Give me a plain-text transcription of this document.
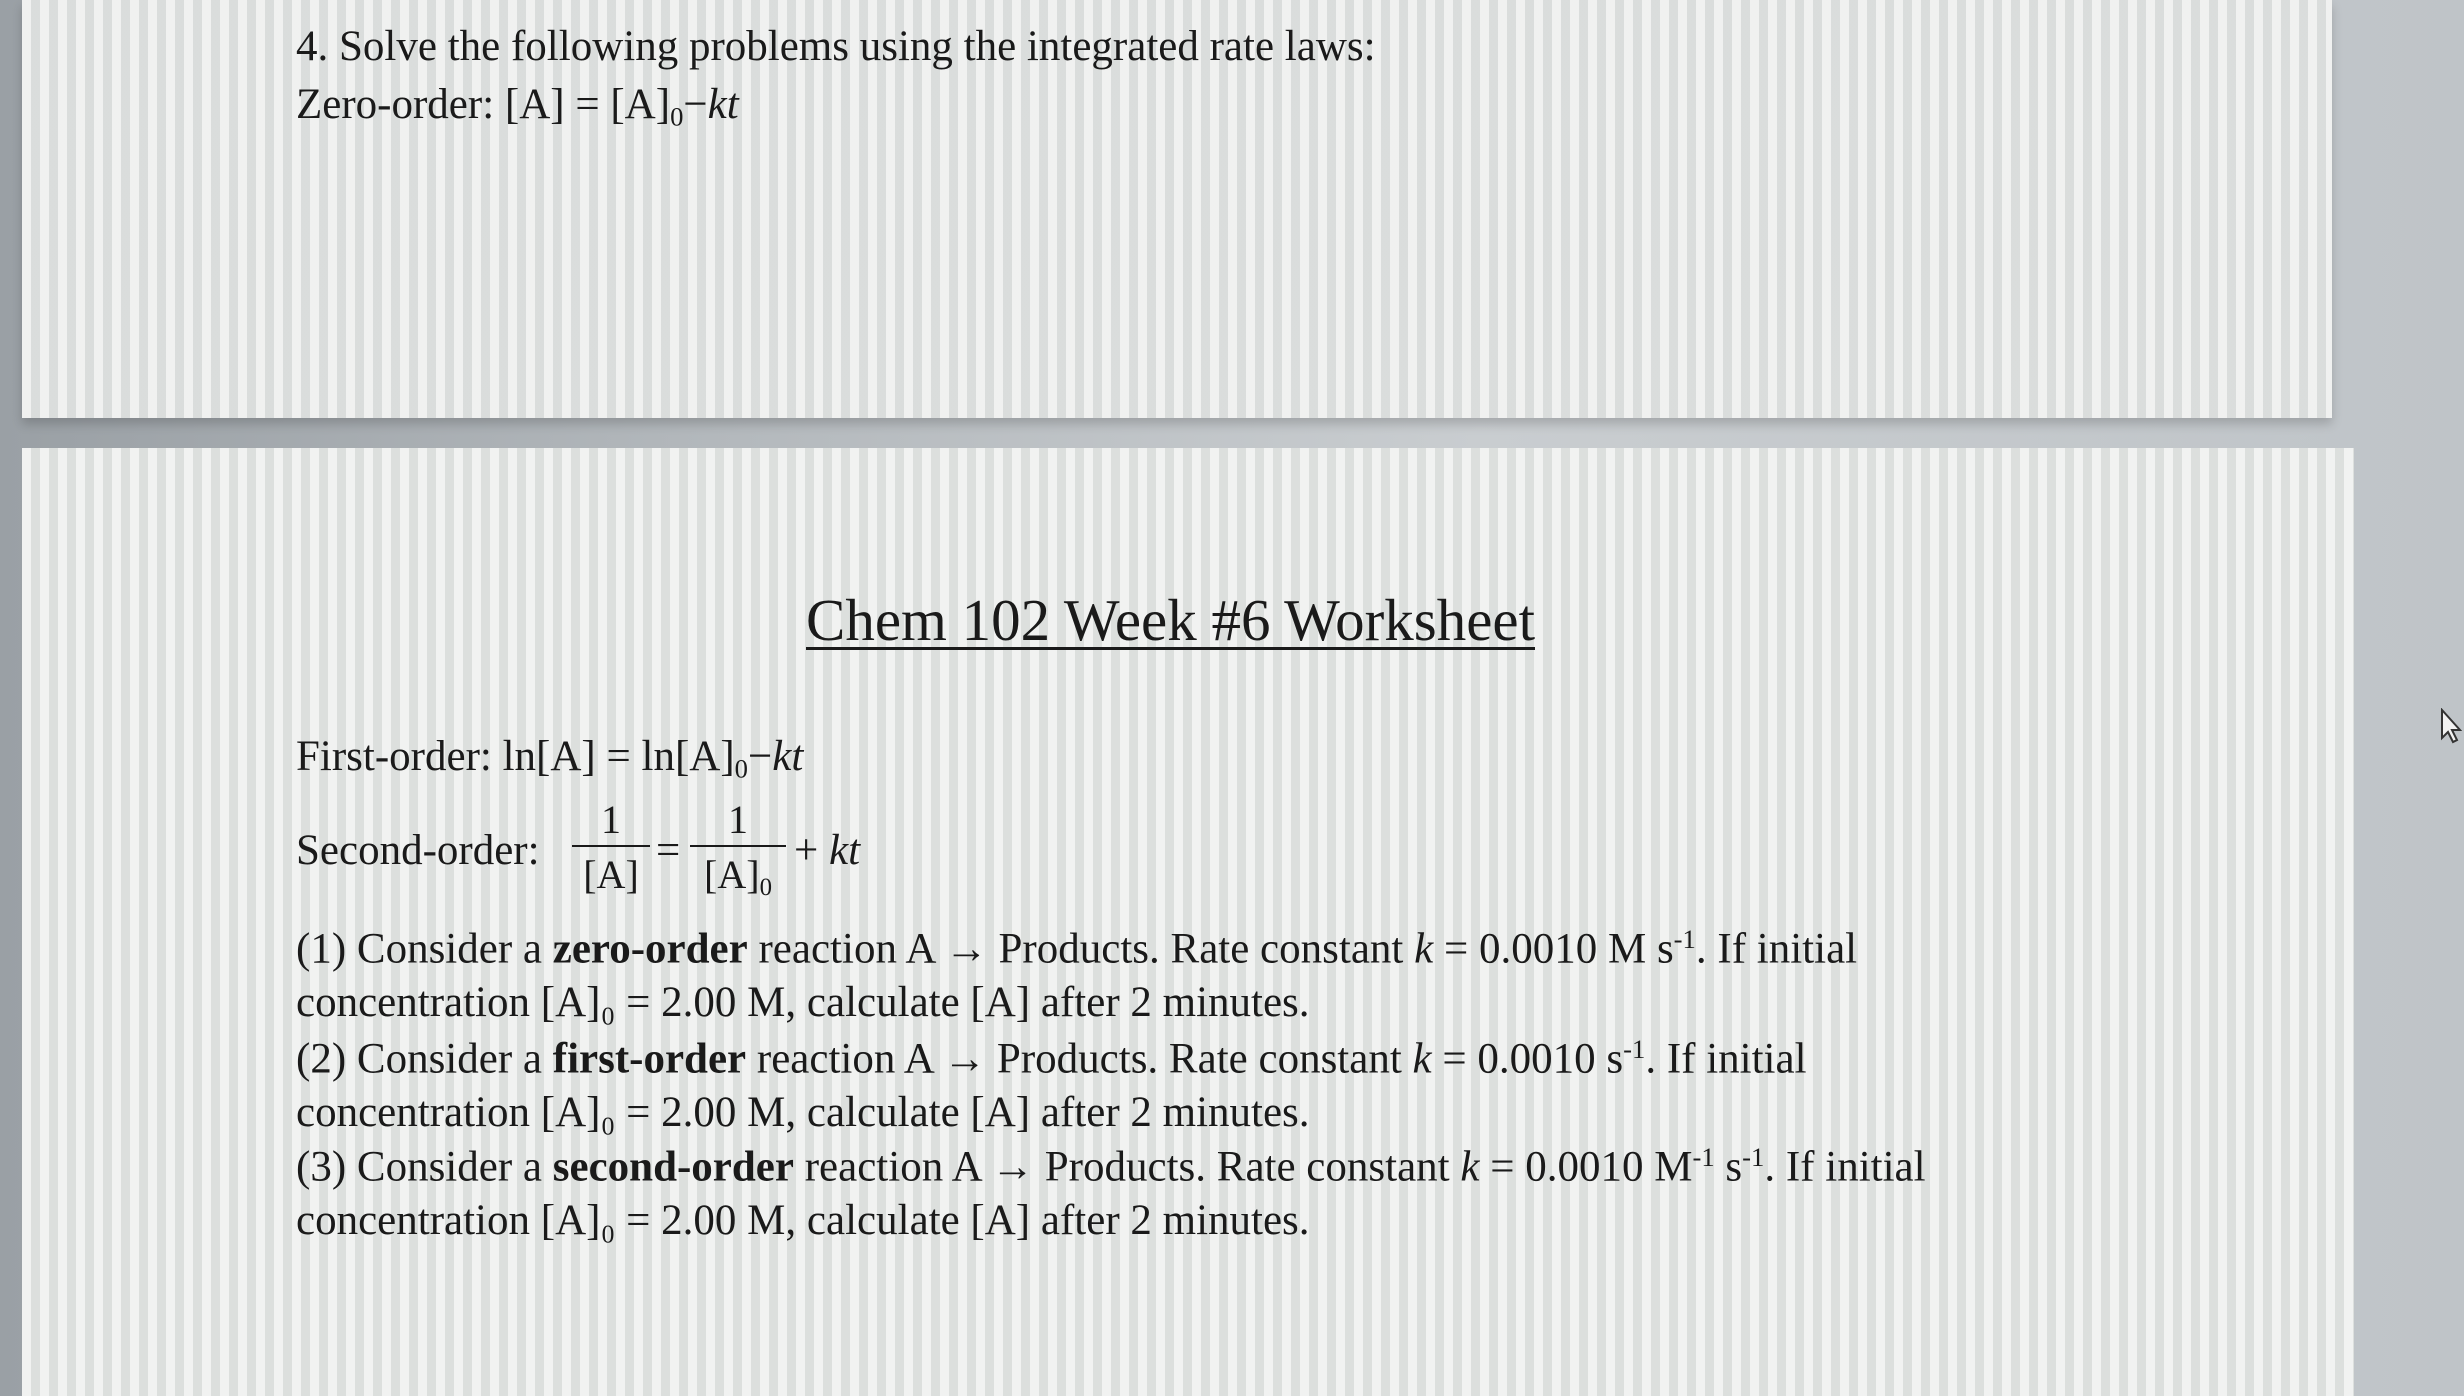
4. Solve the following problems using the integrated rate laws:
Zero-order: $[A] = [A]_0-kt$
Chem 102 Week #6 Worksheet
First-order: $\ln[A] = \ln[A]_0-kt$
Second-order: $\frac{1}{[A]} = \frac{1}{[A]_0}$ + kt
(1) Consider a zero-order reaction A → Products. Rate constant k = 0.0010 M $s^{-1}$. If initial
concentration [A]₀ = 2.00 M, calculate [A] after 2 minutes.
(2) Consider a first-order reaction A → Products. Rate constant k = 0.0010 $s^{-1}$. If initial
concentration [A]₀ = 2.00 M, calculate [A] after 2 minutes.
(3) Consider a second-order reaction A → Products. Rate constant k = 0.0010 $M^{-1}$ $s^{-1}$. If initial
concentration [A]₀ = 2.00 M, calculate [A] after 2 minutes.
